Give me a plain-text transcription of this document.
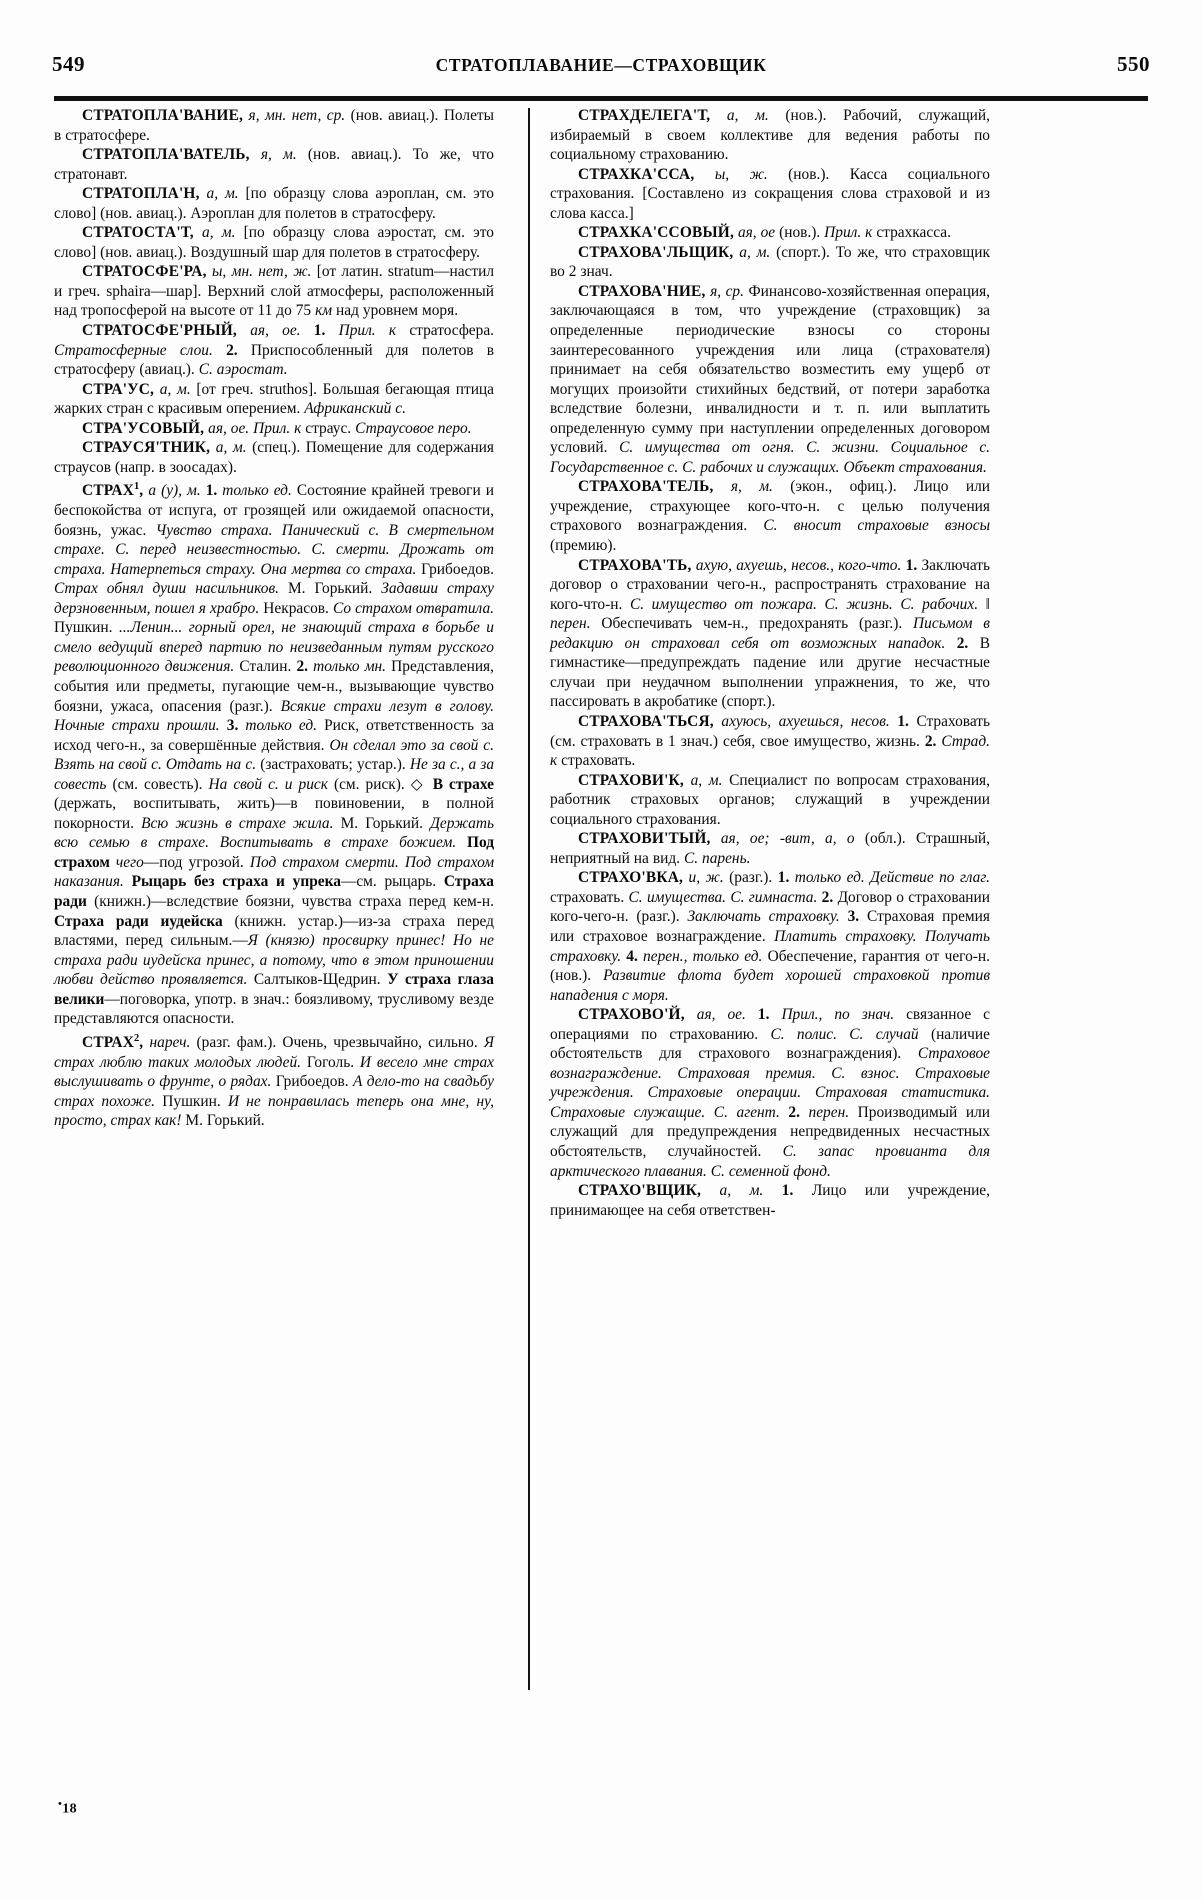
549	СТРАТОПЛАВАНИЕ—СТРАХОВЩИК	550

СТРАТОПЛА'ВАНИЕ, я, мн. нет, ср. (нов. авиац.). Полеты в стратосфере.

СТРАТОПЛА'ВАТЕЛЬ, я, м. (нов. авиац.). То же, что стратонавт.

СТРАТОПЛА'Н, а, м. [по образцу слова аэроплан, см. это слово] (нов. авиац.). Аэроплан для полетов в стратосферу.

СТРАТОСТА'Т, а, м. [по образцу слова аэростат, см. это слово] (нов. авиац.). Воздушный шар для полетов в стратосферу.

СТРАТОСФЕ'РА, ы, мн. нет, ж. [от латин. stratum—настил и греч. sphaira—шар]. Верхний слой атмосферы, расположенный над тропосферой на высоте от 11 до 75 км над уровнем моря.

СТРАТОСФЕ'РНЫЙ, ая, ое. 1. Прил. к стратосфера. Стратосферные слои. 2. Приспособленный для полетов в стратосферу (авиац.). С. аэростат.

СТРА'УС, а, м. [от греч. struthos]. Большая бегающая птица жарких стран с красивым оперением. Африканский с.

СТРА'УСОВЫЙ, ая, ое. Прил. к страус. Страусовое перо.

СТРАУСЯ'ТНИК, а, м. (спец.). Помещение для содержания страусов (напр. в зоосадах).

СТРАХ$^1$, а (у), м. 1. только ед. Состояние крайней тревоги и беспокойства от испуга, от грозящей или ожидаемой опасности, боязнь, ужас. Чувство страха. Панический с. В смертельном страхе. С. перед неизвестностью. С. смерти. Дрожать от страха. Натерпеться страху. Она мертва со страха. Грибоедов. Страх обнял души насильников. М. Горький. Задавши страху дерзновенным, пошел я храбро. Некрасов. Со страхом отвратила. Пушкин. ...Ленин... горный орел, не знающий страха в борьбе и смело ведущий вперед партию по неизведанным путям русского революционного движения. Сталин. 2. только мн. Представления, события или предметы, пугающие чем-н., вызывающие чувство боязни, ужаса, опасения (разг.). Всякие страхи лезут в голову. Ночные страхи прошли. 3. только ед. Риск, ответственность за исход чего-н., за совершённые действия. Он сделал это за свой с. Взять на свой с. Отдать на с. (застраховать; устар.). Не за с., а за совесть (см. совесть). На свой с. и риск (см. риск). ◇ В страхе (держать, воспитывать, жить)—в повиновении, в полной покорности. Всю жизнь в страхе жила. М. Горький. Держать всю семью в страхе. Воспитывать в страхе божием. Под страхом чего—под угрозой. Под страхом смерти. Под страхом наказания. Рыцарь без страха и упрека—см. рыцарь. Страха ради (книжн.)—вследствие боязни, чувства страха перед кем-н. Страха ради иудейска (книжн. устар.)—из-за страха перед властями, перед сильным.—Я (князю) просвирку принес! Но не страха ради иудейска принес, а потому, что в этом приношении любви действо проявляется. Салтыков-Щедрин. У страха глаза велики—поговорка, употр. в знач.: боязливому, трусливому везде представляются опасности.

СТРАХ$^2$, нареч. (разг. фам.). Очень, чрезвычайно, сильно. Я страх люблю таких молодых людей. Гоголь. И весело мне страх выслушивать о фрунте, о рядах. Грибоедов. А дело-то на свадьбу страх похоже. Пушкин. И не понравилась теперь она мне, ну, просто, страх как! М. Горький.

СТРАХДЕЛЕГА'Т, а, м. (нов.). Рабочий, служащий, избираемый в своем коллективе для ведения работы по социальному страхованию.

СТРАХКА'ССА, ы, ж. (нов.). Касса социального страхования. [Составлено из сокращения слова страховой и из слова касса.]

СТРАХКА'ССОВЫЙ, ая, ое (нов.). Прил. к страхкасса.

СТРАХОВА'ЛЬЩИК, а, м. (спорт.). То же, что страховщик во 2 знач.

СТРАХОВА'НИЕ, я, ср. Финансово-хозяйственная операция, заключающаяся в том, что учреждение (страховщик) за определенные периодические взносы со стороны заинтересованного учреждения или лица (страхователя) принимает на себя обязательство возместить ему ущерб от могущих произойти стихийных бедствий, от потери заработка вследствие болезни, инвалидности и т. п. или выплатить определенную сумму при наступлении определенных договором условий. С. имущества от огня. С. жизни. Социальное с. Государственное с. С. рабочих и служащих. Объект страхования.

СТРАХОВА'ТЕЛЬ, я, м. (экон., офиц.). Лицо или учреждение, страхующее кого-что-н. с целью получения страхового вознаграждения. С. вносит страховые взносы (премию).

СТРАХОВА'ТЬ, ахую, ахуешь, несов., кого-что. 1. Заключать договор о страховании чего-н., распространять страхование на кого-что-н. С. имущество от пожара. С. жизнь. С. рабочих. ‖ перен. Обеспечивать чем-н., предохранять (разг.). Письмом в редакцию он страховал себя от возможных нападок. 2. В гимнастике—предупреждать падение или другие несчастные случаи при неудачном выполнении упражнения, то же, что пассировать в акробатике (спорт.).

СТРАХОВА'ТЬСЯ, ахуюсь, ахуешься, несов. 1. Страховать (см. страховать в 1 знач.) себя, свое имущество, жизнь. 2. Страд. к страховать.

СТРАХОВИ'К, а, м. Специалист по вопросам страхования, работник страховых органов; служащий в учреждении социального страхования.

СТРАХОВИ'ТЫЙ, ая, ое; -вит, а, о (обл.). Страшный, неприятный на вид. С. парень.

СТРАХО'ВКА, и, ж. (разг.). 1. только ед. Действие по глаг. страховать. С. имущества. С. гимнаста. 2. Договор о страховании кого-чего-н. (разг.). Заключать страховку. 3. Страховая премия или страховое вознаграждение. Платить страховку. Получать страховку. 4. перен., только ед. Обеспечение, гарантия от чего-н. (нов.). Развитие флота будет хорошей страховкой против нападения с моря.

СТРАХОВО'Й, ая, ое. 1. Прил., по знач. связанное с операциями по страхованию. С. полис. С. случай (наличие обстоятельств для страхового вознаграждения). Страховое вознаграждение. Страховая премия. С. взнос. Страховые учреждения. Страховые операции. Страховая статистика. Страховые служащие. С. агент. 2. перен. Производимый или служащий для предупреждения непредвиденных несчастных обстоятельств, случайностей. С. запас провианта для арктического плавания. С. семенной фонд.

СТРАХО'ВЩИК, а, м. 1. Лицо или учреждение, принимающее на себя ответствен-

•18
